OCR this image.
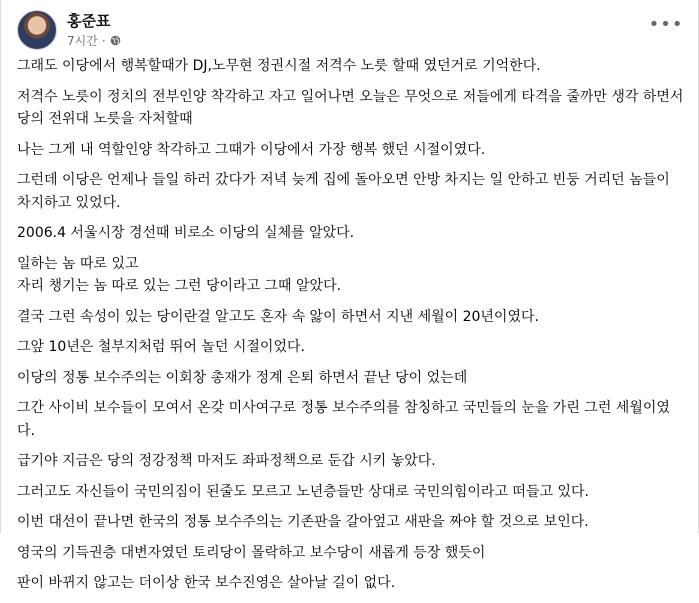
홍준표
7시간 ·
•••

그래도 이당에서 행복할때가 DJ,노무현 정권시절 저격수 노릇 할때 였던거로 기억한다.

저격수 노릇이 정치의 전부인양 착각하고 자고 일어나면 오늘은 무엇으로 저들에게 타격을 줄까만 생각 하면서 당의 전위대 노릇을 자처할때

나는 그게 내 역할인양 착각하고 그때가 이당에서 가장 행복 했던 시절이였다.

그런데 이당은 언제나 들일 하러 갔다가 저녁 늦게 집에 돌아오면 안방 차지는 일 안하고 빈둥 거리던 놈들이 차지하고 있었다.

2006.4 서울시장 경선때 비로소 이당의 실체를 알았다.

일하는 놈 따로 있고
자리 챙기는 놈 따로 있는 그런 당이라고 그때 알았다.

결국 그런 속성이 있는 당이란걸 알고도 혼자 속 앓이 하면서 지낸 세월이 20년이였다.

그앞 10년은 철부지처럼 뛰어 놀던 시절이었다.

이당의 정통 보수주의는 이회창 총재가 정계 은퇴 하면서 끝난 당이 었는데

그간 사이비 보수들이 모여서 온갖 미사여구로 정통 보수주의를 참칭하고 국민들의 눈을 가린 그런 세월이였다.

급기야 지금은 당의 정강정책 마저도 좌파정책으로 둔갑 시키 놓았다.

그러고도 자신들이 국민의짐이 된줄도 모르고 노년층들만 상대로 국민의힘이라고 떠들고 있다.

이번 대선이 끝나면 한국의 정통 보수주의는 기존판을 갈아엎고 새판을 짜야 할 것으로 보인다.

영국의 기득권층 대변자였던 토리당이 몰락하고 보수당이 새롭게 등장 했듯이

판이 바뀌지 않고는 더이상 한국 보수진영은 살아날 길이 없다.
